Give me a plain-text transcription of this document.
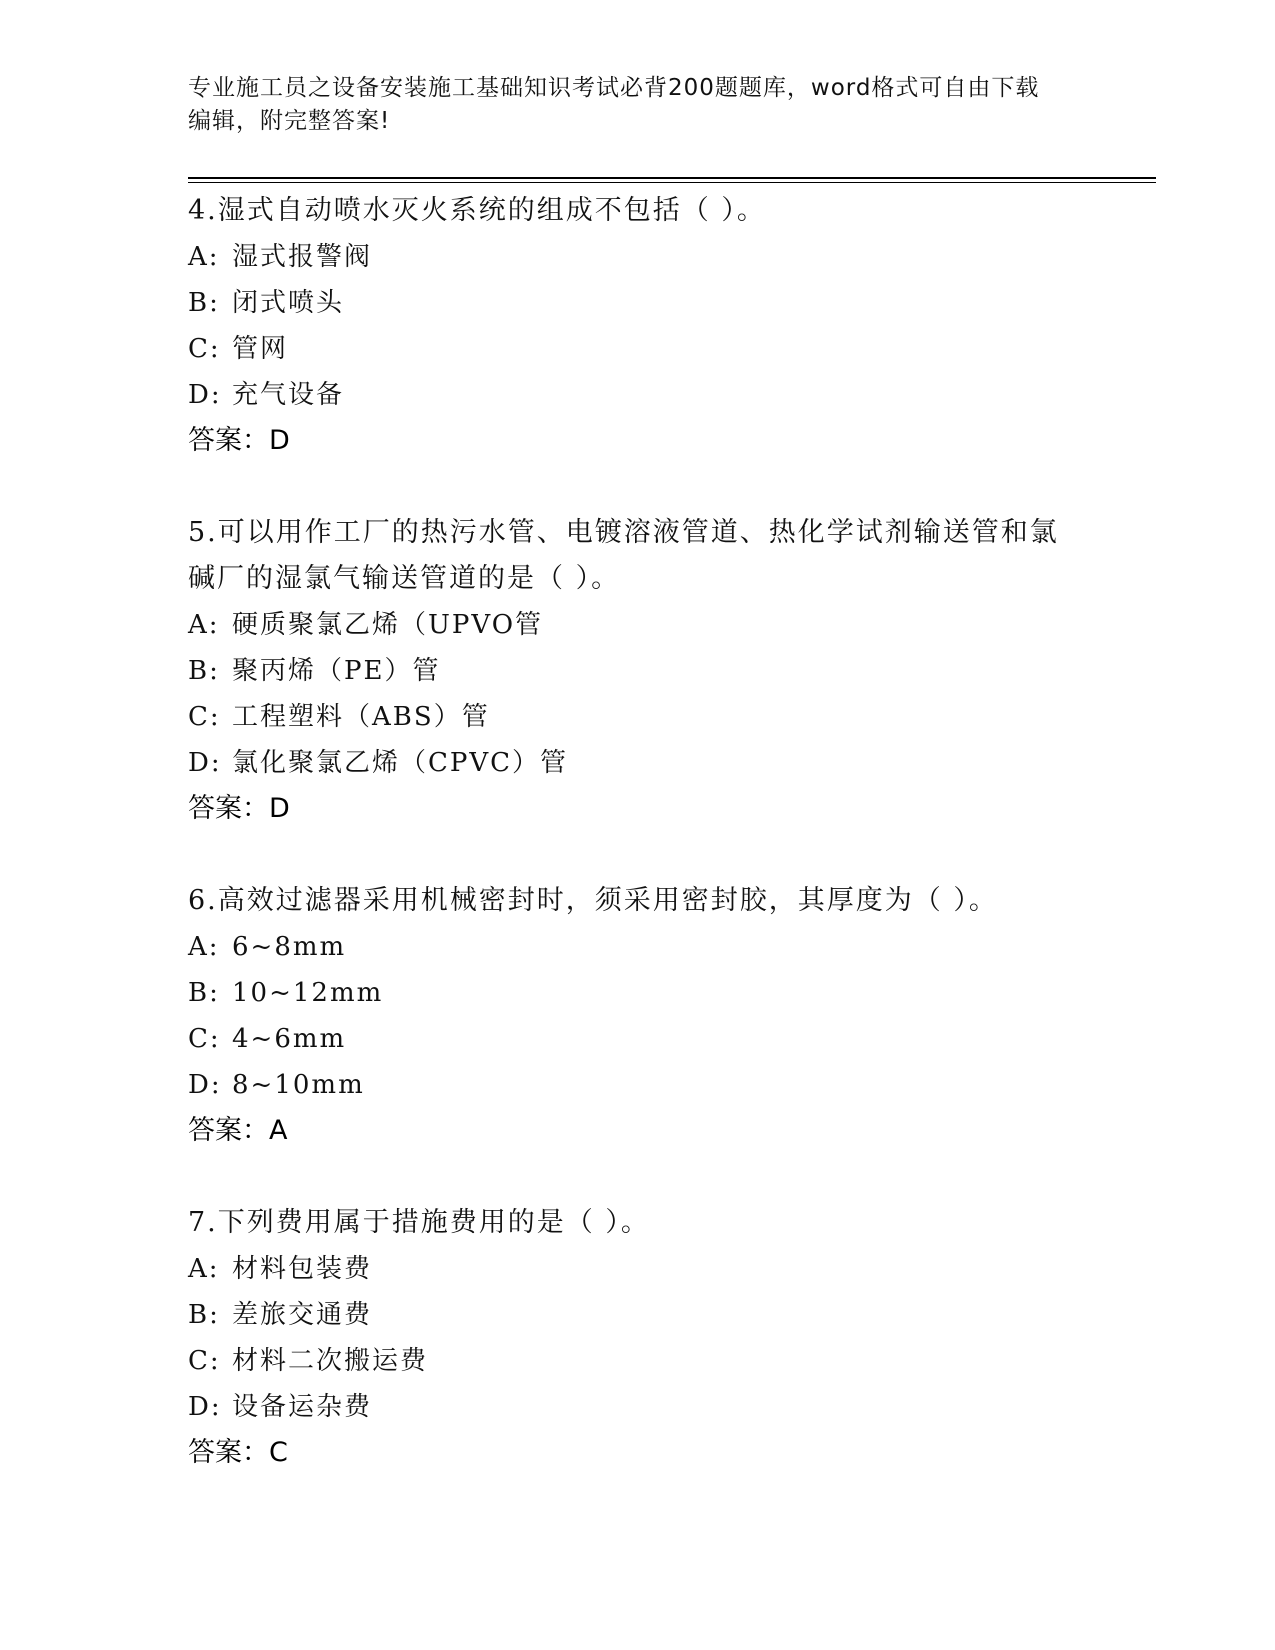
专业施工员之设备安装施工基础知识考试必背200题题库，word格式可自由下载
编辑，附完整答案!
4.湿式自动喷水灭火系统的组成不包括（ ）。
A: 湿式报警阀
B: 闭式喷头
C: 管网
D: 充气设备
答案：D
5.可以用作工厂的热污水管、电镀溶液管道、热化学试剂输送管和氯
碱厂的湿氯气输送管道的是（ ）。
A: 硬质聚氯乙烯（UPVO管
B: 聚丙烯（PE）管
C: 工程塑料（ABS）管
D: 氯化聚氯乙烯（CPVC）管
答案：D
6.高效过滤器采用机械密封时，须采用密封胶，其厚度为（ ）。
A: 6~8mm
B: 10~12mm
C: 4~6mm
D: 8~10mm
答案：A
7.下列费用属于措施费用的是（ ）。
A: 材料包装费
B: 差旅交通费
C: 材料二次搬运费
D: 设备运杂费
答案：C
